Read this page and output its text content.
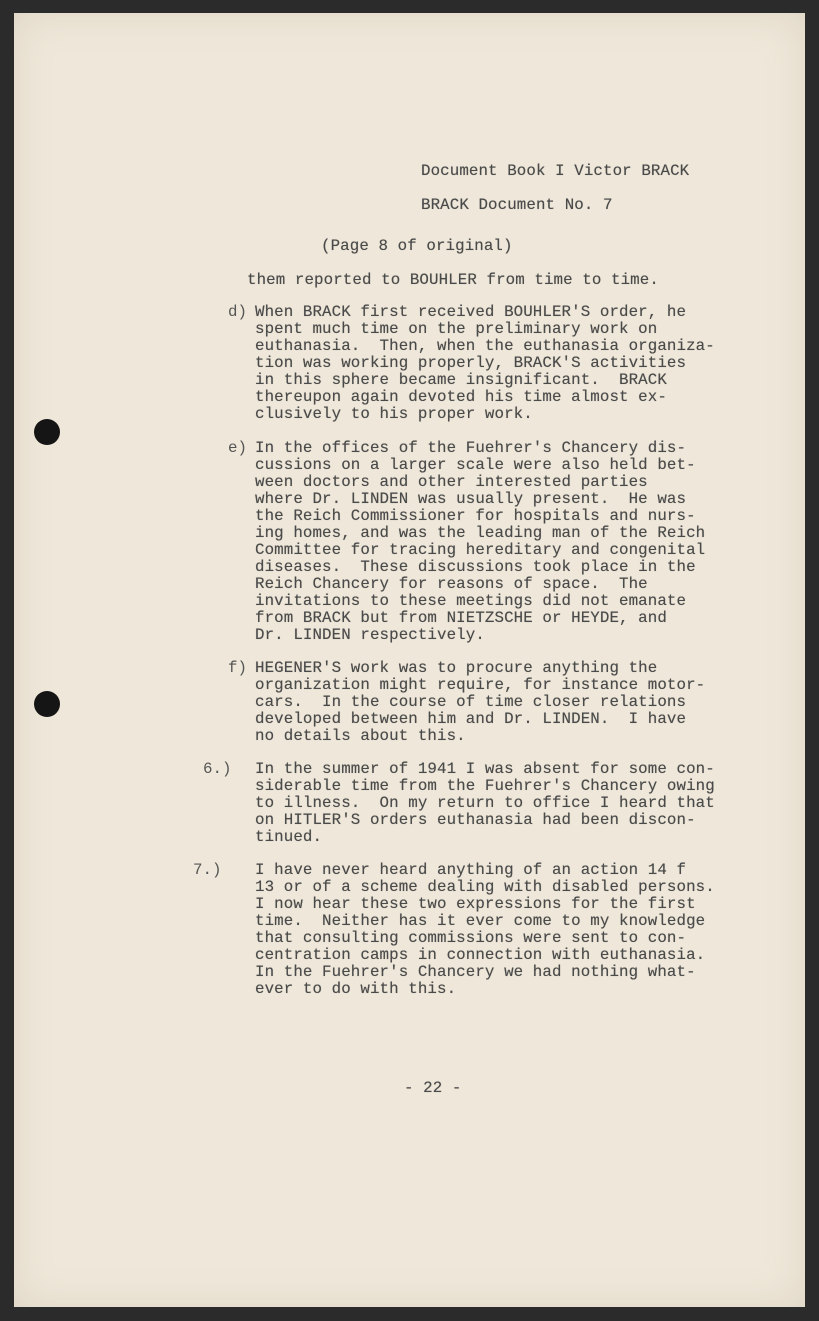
Document Book I Victor BRACK
BRACK Document No. 7
(Page 8 of original)
them reported to BOUHLER from time to time.
d) When BRACK first received BOUHLER'S order, he
spent much time on the preliminary work on
euthanasia.  Then, when the euthanasia organiza-
tion was working properly, BRACK'S activities
in this sphere became insignificant.  BRACK
thereupon again devoted his time almost ex-
clusively to his proper work.
e) In the offices of the Fuehrer's Chancery dis-
cussions on a larger scale were also held bet-
ween doctors and other interested parties
where Dr. LINDEN was usually present.  He was
the Reich Commissioner for hospitals and nurs-
ing homes, and was the leading man of the Reich
Committee for tracing hereditary and congenital
diseases.  These discussions took place in the
Reich Chancery for reasons of space.  The
invitations to these meetings did not emanate
from BRACK but from NIETZSCHE or HEYDE, and
Dr. LINDEN respectively.
f) HEGENER'S work was to procure anything the
organization might require, for instance motor-
cars.  In the course of time closer relations
developed between him and Dr. LINDEN.  I have
no details about this.
6.) In the summer of 1941 I was absent for some con-
siderable time from the Fuehrer's Chancery owing
to illness.  On my return to office I heard that
on HITLER'S orders euthanasia had been discon-
tinued.
7.) I have never heard anything of an action 14 f
13 or of a scheme dealing with disabled persons.
I now hear these two expressions for the first
time.  Neither has it ever come to my knowledge
that consulting commissions were sent to con-
centration camps in connection with euthanasia.
In the Fuehrer's Chancery we had nothing what-
ever to do with this.
- 22 -
